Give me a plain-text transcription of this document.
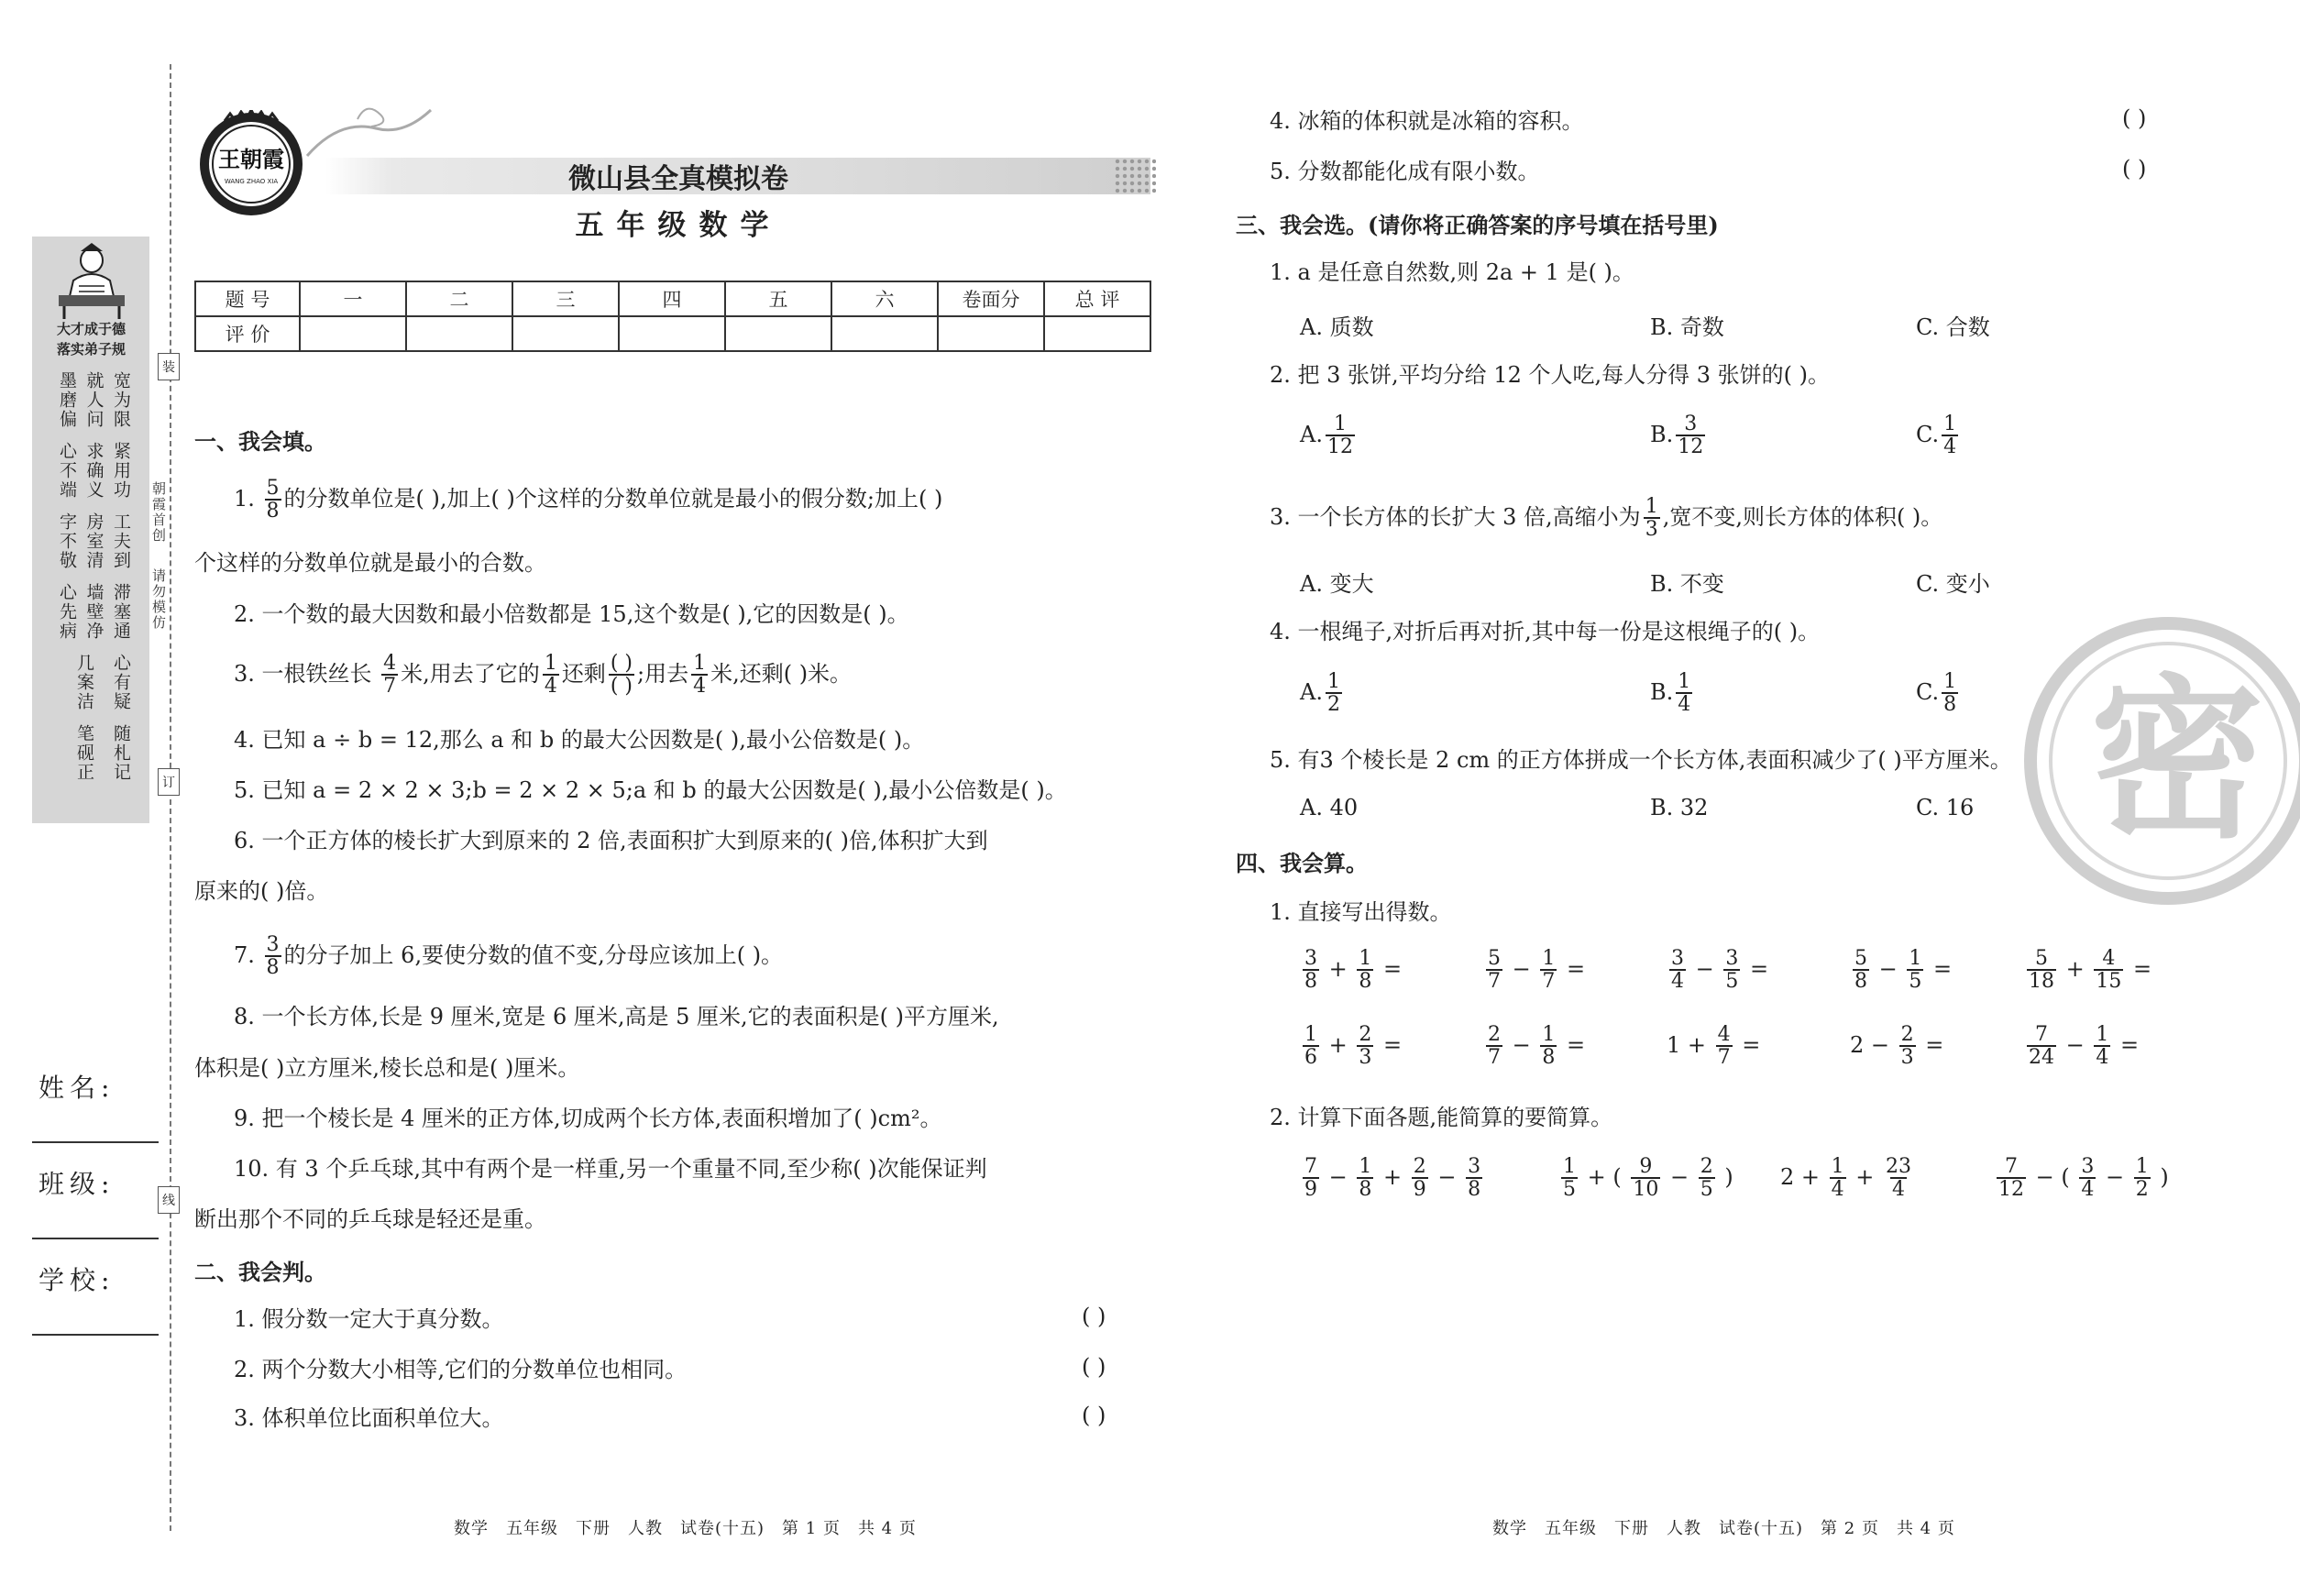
大才成于德
落实弟子规
墨磨偏 就人问 宽为限
心不端 求确义 紧用功
字不敬 房室清 工夫到
心先病 墙壁净 滞塞通
几案洁 心有疑
笔砚正 随札记
装
朝霞首创
请勿模仿
订
线
姓名:
班级:
学校:
王朝霞
WANG ZHAO XIA	微山县全真模拟卷
五年级数学
题 号	一	二	三	四	五	六	卷面分	总 评
评 价								
一、我会填。
1. $\frac{5}{8}$ 的分数单位是( ),加上( )个这样的分数单位就是最小的假分数;加上( )
个这样的分数单位就是最小的合数。
2. 一个数的最大因数和最小倍数都是 15,这个数是( ),它的因数是( )。
3. 一根铁丝长 $\frac{4}{7}$ 米,用去了它的 $\frac{1}{4}$ 还剩 $\frac{( )}{( )}$ ;用去 $\frac{1}{4}$ 米,还剩( )米。
4. 已知 a ÷ b = 12,那么 a 和 b 的最大公因数是( ),最小公倍数是( )。
5. 已知 a = 2 × 2 × 3;b = 2 × 2 × 5;a 和 b 的最大公因数是( ),最小公倍数是( )。
6. 一个正方体的棱长扩大到原来的 2 倍,表面积扩大到原来的( )倍,体积扩大到
原来的( )倍。
7. $\frac{3}{8}$ 的分子加上 6,要使分数的值不变,分母应该加上( )。
8. 一个长方体,长是 9 厘米,宽是 6 厘米,高是 5 厘米,它的表面积是( )平方厘米,
体积是( )立方厘米,棱长总和是( )厘米。
9. 把一个棱长是 4 厘米的正方体,切成两个长方体,表面积增加了( )cm²。
10. 有 3 个乒乓球,其中有两个是一样重,另一个重量不同,至少称( )次能保证判
断出那个不同的乒乓球是轻还是重。
二、我会判。
1. 假分数一定大于真分数。	( )
2. 两个分数大小相等,它们的分数单位也相同。	( )
3. 体积单位比面积单位大。	( )
4. 冰箱的体积就是冰箱的容积。	( )
5. 分数都能化成有限小数。	( )
三、我会选。(请你将正确答案的序号填在括号里)
1. a 是任意自然数,则 2a + 1 是( )。
A. 质数	B. 奇数	C. 合数
2. 把 3 张饼,平均分给 12 个人吃,每人分得 3 张饼的( )。
A. $\frac{1}{12}$	B. $\frac{3}{12}$	C. $\frac{1}{4}$
3. 一个长方体的长扩大 3 倍,高缩小为 $\frac{1}{3}$ ,宽不变,则长方体的体积( )。
A. 变大	B. 不变	C. 变小
4. 一根绳子,对折后再对折,其中每一份是这根绳子的( )。
A. $\frac{1}{2}$	B. $\frac{1}{4}$	C. $\frac{1}{8}$
5. 有3 个棱长是 2 cm 的正方体拼成一个长方体,表面积减少了( )平方厘米。
A. 40	B. 32	C. 16
四、我会算。
1. 直接写出得数。
$\frac{3}{8} + \frac{1}{8}$ =	$\frac{5}{7} - \frac{1}{7}$ =	$\frac{3}{4} - \frac{3}{5}$ =	$\frac{5}{8} - \frac{1}{5}$ =	$\frac{5}{18} + \frac{4}{15}$ =
$\frac{1}{6} + \frac{2}{3}$ =	$\frac{2}{7} - \frac{1}{8}$ =	$1 + \frac{4}{7}$ =	$2 - \frac{2}{3}$ =	$\frac{7}{24} - \frac{1}{4}$ =
2. 计算下面各题,能简算的要简算。
$\frac{7}{9} - \frac{1}{8} + \frac{2}{9} - \frac{3}{8}$	$\frac{1}{5}$ + ( $\frac{9}{10} - \frac{2}{5}$ ) $2 + \frac{1}{4} + \frac{23}{4}$	$\frac{7}{12}$ − ( $\frac{3}{4} - \frac{1}{2}$ )
密
数学　五年级　下册　人教　试卷(十五)　第 1 页　共 4 页	数学　五年级　下册　人教　试卷(十五)　第 2 页　共 4 页
